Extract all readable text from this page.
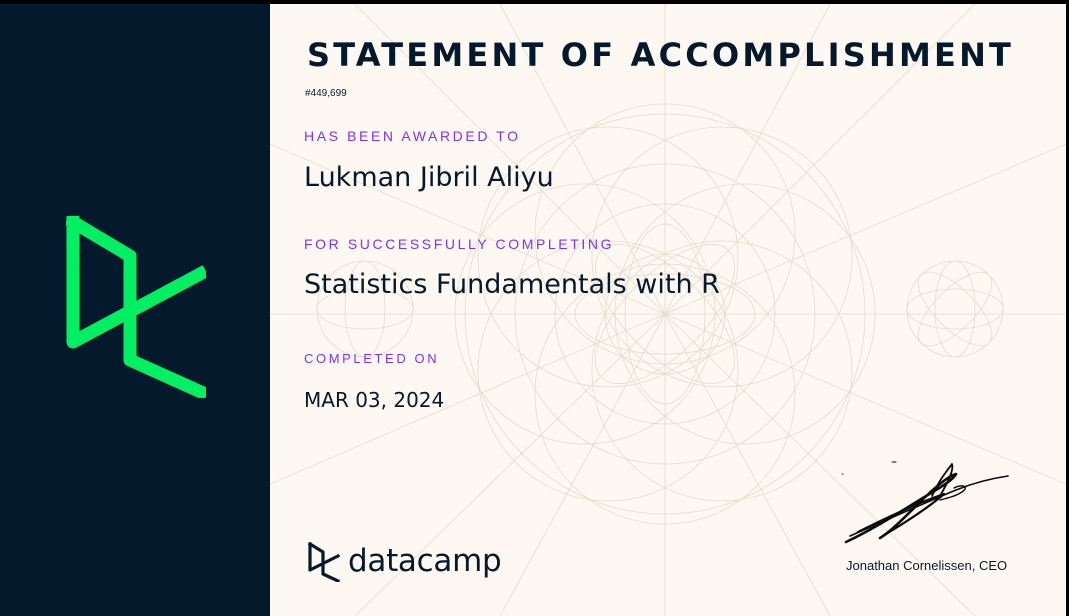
STATEMENT OF ACCOMPLISHMENT
#449,699
HAS BEEN AWARDED TO
Lukman Jibril Aliyu
FOR SUCCESSFULLY COMPLETING
Statistics Fundamentals with R
COMPLETED ON
MAR 03, 2024
datacamp	Jonathan Cornelissen, CEO
